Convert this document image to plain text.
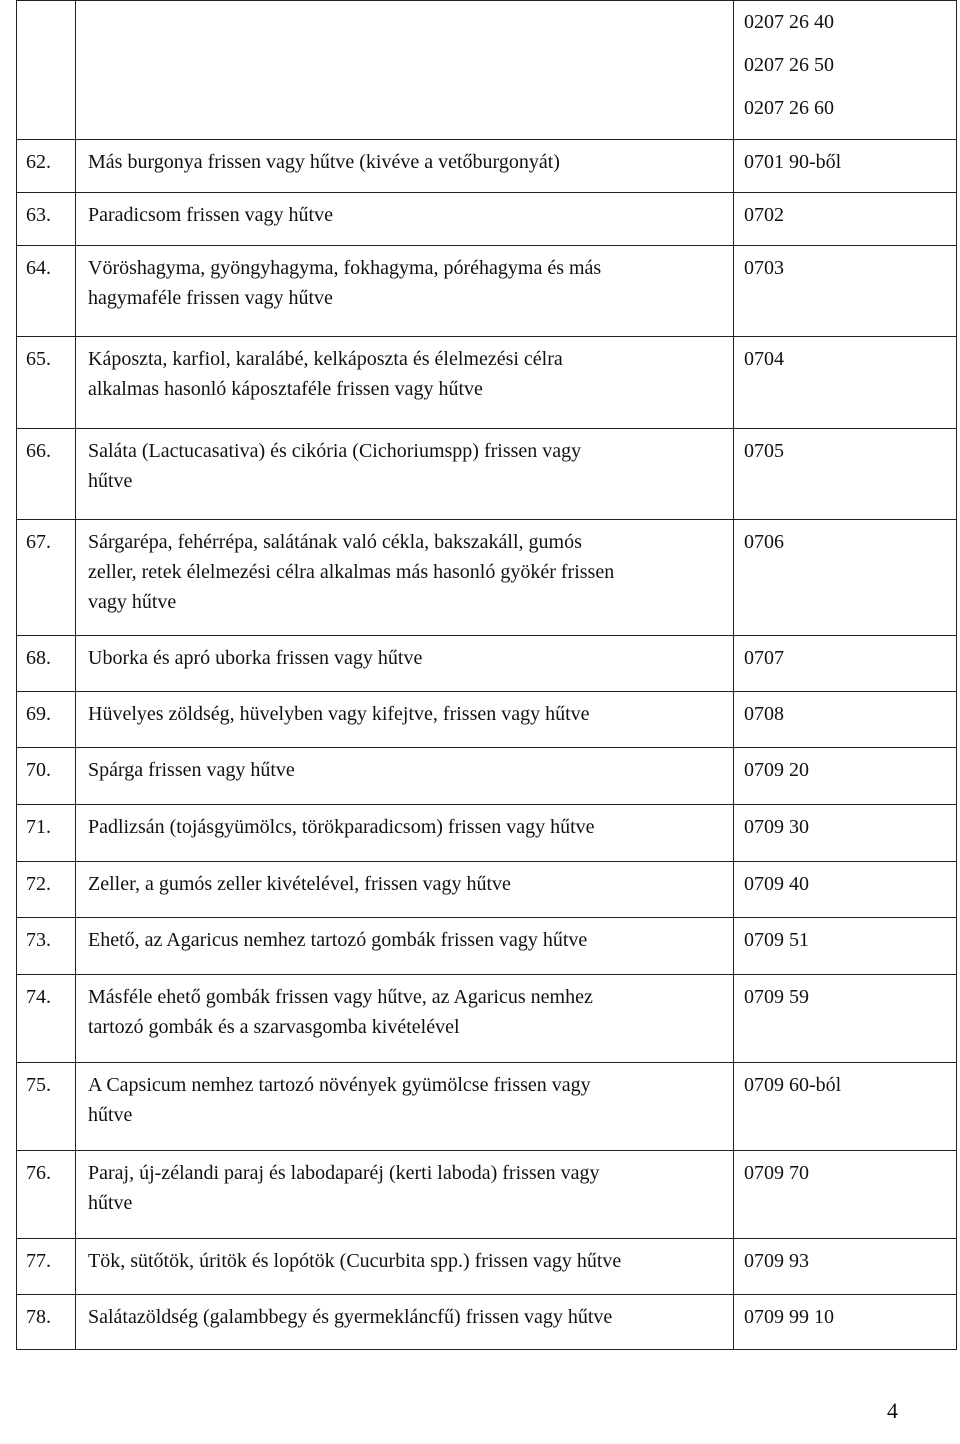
		0207 26 40
0207 26 50
0207 26 60

62.	Más burgonya frissen vagy hűtve (kivéve a vetőburgonyát)	0701 90-ből
63.	Paradicsom frissen vagy hűtve	0702
64.	Vöröshagyma, gyöngyhagyma, fokhagyma, póréhagyma és más
hagymaféle frissen vagy hűtve	0703
65.	Káposzta, karfiol, karalábé, kelkáposzta és élelmezési célra
alkalmas hasonló káposztaféle frissen vagy hűtve	0704
66.	Saláta (Lactucasativa) és cikória (Cichoriumspp) frissen vagy
hűtve	0705
67.	Sárgarépa, fehérrépa, salátának való cékla, bakszakáll, gumós
zeller, retek élelmezési célra alkalmas más hasonló gyökér frissen
vagy hűtve	0706
68.	Uborka és apró uborka frissen vagy hűtve	0707
69.	Hüvelyes zöldség, hüvelyben vagy kifejtve, frissen vagy hűtve	0708
70.	Spárga frissen vagy hűtve	0709 20
71.	Padlizsán (tojásgyümölcs, törökparadicsom) frissen vagy hűtve	0709 30
72.	Zeller, a gumós zeller kivételével, frissen vagy hűtve	0709 40
73.	Ehető, az Agaricus nemhez tartozó gombák frissen vagy hűtve	0709 51
74.	Másféle ehető gombák frissen vagy hűtve, az Agaricus nemhez
tartozó gombák és a szarvasgomba kivételével	0709 59
75.	A Capsicum nemhez tartozó növények gyümölcse frissen vagy
hűtve	0709 60-ból
76.	Paraj, új-zélandi paraj és labodaparéj (kerti laboda) frissen vagy
hűtve	0709 70
77.	Tök, sütőtök, úritök és lopótök (Cucurbita spp.) frissen vagy hűtve	0709 93
78.	Salátazöldség (galambbegy és gyermekláncfű) frissen vagy hűtve	0709 99 10
4
